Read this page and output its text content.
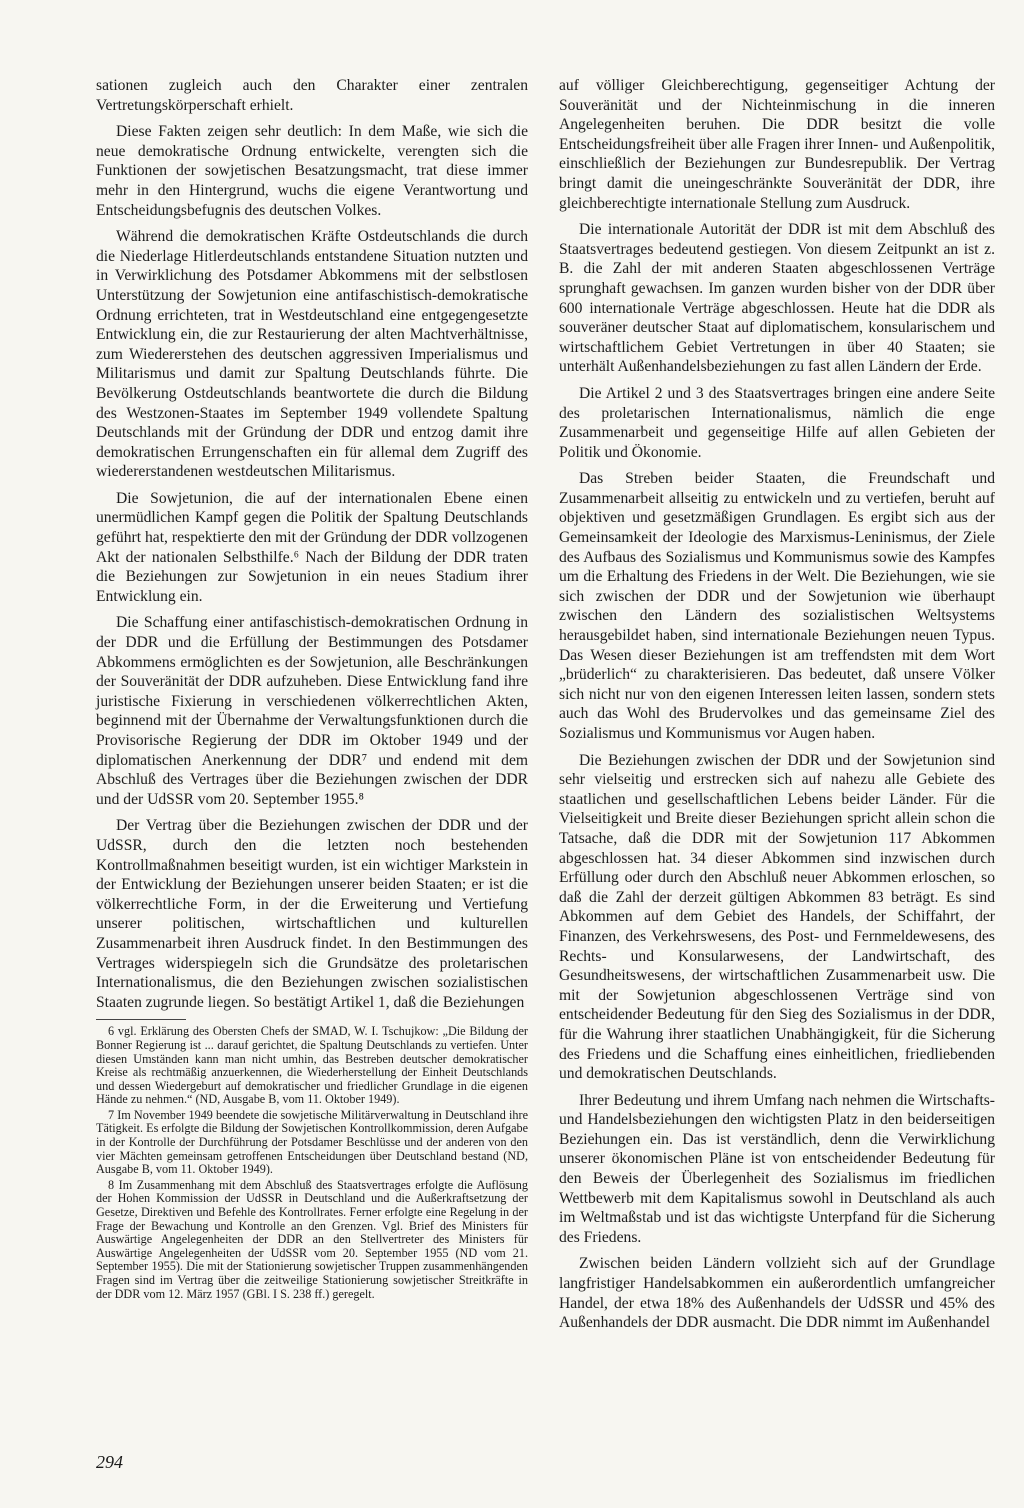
sationen zugleich auch den Charakter einer zentralen Vertretungskörperschaft erhielt.

Diese Fakten zeigen sehr deutlich: In dem Maße, wie sich die neue demokratische Ordnung entwickelte, verengten sich die Funktionen der sowjetischen Besatzungsmacht, trat diese immer mehr in den Hintergrund, wuchs die eigene Verantwortung und Entscheidungsbefugnis des deutschen Volkes.

Während die demokratischen Kräfte Ostdeutschlands die durch die Niederlage Hitlerdeutschlands entstandene Situation nutzten und in Verwirklichung des Potsdamer Abkommens mit der selbstlosen Unterstützung der Sowjetunion eine antifaschistisch-demokratische Ordnung errichteten, trat in Westdeutschland eine entgegengesetzte Entwicklung ein, die zur Restaurierung der alten Machtverhältnisse, zum Wiedererstehen des deutschen aggressiven Imperialismus und Militarismus und damit zur Spaltung Deutschlands führte. Die Bevölkerung Ostdeutschlands beantwortete die durch die Bildung des Westzonen-Staates im September 1949 vollendete Spaltung Deutschlands mit der Gründung der DDR und entzog damit ihre demokratischen Errungenschaften ein für allemal dem Zugriff des wiedererstandenen westdeutschen Militarismus.

Die Sowjetunion, die auf der internationalen Ebene einen unermüdlichen Kampf gegen die Politik der Spaltung Deutschlands geführt hat, respektierte den mit der Gründung der DDR vollzogenen Akt der nationalen Selbsthilfe.⁶ Nach der Bildung der DDR traten die Beziehungen zur Sowjetunion in ein neues Stadium ihrer Entwicklung ein.

Die Schaffung einer antifaschistisch-demokratischen Ordnung in der DDR und die Erfüllung der Bestimmungen des Potsdamer Abkommens ermöglichten es der Sowjetunion, alle Beschränkungen der Souveränität der DDR aufzuheben. Diese Entwicklung fand ihre juristische Fixierung in verschiedenen völkerrechtlichen Akten, beginnend mit der Übernahme der Verwaltungsfunktionen durch die Provisorische Regierung der DDR im Oktober 1949 und der diplomatischen Anerkennung der DDR⁷ und endend mit dem Abschluß des Vertrages über die Beziehungen zwischen der DDR und der UdSSR vom 20. September 1955.⁸

Der Vertrag über die Beziehungen zwischen der DDR und der UdSSR, durch den die letzten noch bestehenden Kontrollmaßnahmen beseitigt wurden, ist ein wichtiger Markstein in der Entwicklung der Beziehungen unserer beiden Staaten; er ist die völkerrechtliche Form, in der die Erweiterung und Vertiefung unserer politischen, wirtschaftlichen und kulturellen Zusammenarbeit ihren Ausdruck findet. In den Bestimmungen des Vertrages widerspiegeln sich die Grundsätze des proletarischen Internationalismus, die den Beziehungen zwischen sozialistischen Staaten zugrunde liegen. So bestätigt Artikel 1, daß die Beziehungen

6 vgl. Erklärung des Obersten Chefs der SMAD, W. I. Tschujkow: „Die Bildung der Bonner Regierung ist ... darauf gerichtet, die Spaltung Deutschlands zu vertiefen. Unter diesen Umständen kann man nicht umhin, das Bestreben deutscher demokratischer Kreise als rechtmäßig anzuerkennen, die Wiederherstellung der Einheit Deutschlands und dessen Wiedergeburt auf demokratischer und friedlicher Grundlage in die eigenen Hände zu nehmen.“ (ND, Ausgabe B, vom 11. Oktober 1949).

7 Im November 1949 beendete die sowjetische Militärverwaltung in Deutschland ihre Tätigkeit. Es erfolgte die Bildung der Sowjetischen Kontrollkommission, deren Aufgabe in der Kontrolle der Durchführung der Potsdamer Beschlüsse und der anderen von den vier Mächten gemeinsam getroffenen Entscheidungen über Deutschland bestand (ND, Ausgabe B, vom 11. Oktober 1949).

8 Im Zusammenhang mit dem Abschluß des Staatsvertrages erfolgte die Auflösung der Hohen Kommission der UdSSR in Deutschland und die Außerkraftsetzung der Gesetze, Direktiven und Befehle des Kontrollrates. Ferner erfolgte eine Regelung in der Frage der Bewachung und Kontrolle an den Grenzen. Vgl. Brief des Ministers für Auswärtige Angelegenheiten der DDR an den Stellvertreter des Ministers für Auswärtige Angelegenheiten der UdSSR vom 20. September 1955 (ND vom 21. September 1955). Die mit der Stationierung sowjetischer Truppen zusammenhängenden Fragen sind im Vertrag über die zeitweilige Stationierung sowjetischer Streitkräfte in der DDR vom 12. März 1957 (GBl. I S. 238 ff.) geregelt.

auf völliger Gleichberechtigung, gegenseitiger Achtung der Souveränität und der Nichteinmischung in die inneren Angelegenheiten beruhen. Die DDR besitzt die volle Entscheidungsfreiheit über alle Fragen ihrer Innen- und Außenpolitik, einschließlich der Beziehungen zur Bundesrepublik. Der Vertrag bringt damit die uneingeschränkte Souveränität der DDR, ihre gleichberechtigte internationale Stellung zum Ausdruck.

Die internationale Autorität der DDR ist mit dem Abschluß des Staatsvertrages bedeutend gestiegen. Von diesem Zeitpunkt an ist z. B. die Zahl der mit anderen Staaten abgeschlossenen Verträge sprunghaft gewachsen. Im ganzen wurden bisher von der DDR über 600 internationale Verträge abgeschlossen. Heute hat die DDR als souveräner deutscher Staat auf diplomatischem, konsularischem und wirtschaftlichem Gebiet Vertretungen in über 40 Staaten; sie unterhält Außenhandelsbeziehungen zu fast allen Ländern der Erde.

Die Artikel 2 und 3 des Staatsvertrages bringen eine andere Seite des proletarischen Internationalismus, nämlich die enge Zusammenarbeit und gegenseitige Hilfe auf allen Gebieten der Politik und Ökonomie.

Das Streben beider Staaten, die Freundschaft und Zusammenarbeit allseitig zu entwickeln und zu vertiefen, beruht auf objektiven und gesetzmäßigen Grundlagen. Es ergibt sich aus der Gemeinsamkeit der Ideologie des Marxismus-Leninismus, der Ziele des Aufbaus des Sozialismus und Kommunismus sowie des Kampfes um die Erhaltung des Friedens in der Welt. Die Beziehungen, wie sie sich zwischen der DDR und der Sowjetunion wie überhaupt zwischen den Ländern des sozialistischen Weltsystems herausgebildet haben, sind internationale Beziehungen neuen Typus. Das Wesen dieser Beziehungen ist am treffendsten mit dem Wort „brüderlich“ zu charakterisieren. Das bedeutet, daß unsere Völker sich nicht nur von den eigenen Interessen leiten lassen, sondern stets auch das Wohl des Brudervolkes und das gemeinsame Ziel des Sozialismus und Kommunismus vor Augen haben.

Die Beziehungen zwischen der DDR und der Sowjetunion sind sehr vielseitig und erstrecken sich auf nahezu alle Gebiete des staatlichen und gesellschaftlichen Lebens beider Länder. Für die Vielseitigkeit und Breite dieser Beziehungen spricht allein schon die Tatsache, daß die DDR mit der Sowjetunion 117 Abkommen abgeschlossen hat. 34 dieser Abkommen sind inzwischen durch Erfüllung oder durch den Abschluß neuer Abkommen erloschen, so daß die Zahl der derzeit gültigen Abkommen 83 beträgt. Es sind Abkommen auf dem Gebiet des Handels, der Schiffahrt, der Finanzen, des Verkehrswesens, des Post- und Fernmeldewesens, des Rechts- und Konsularwesens, der Landwirtschaft, des Gesundheitswesens, der wirtschaftlichen Zusammenarbeit usw. Die mit der Sowjetunion abgeschlossenen Verträge sind von entscheidender Bedeutung für den Sieg des Sozialismus in der DDR, für die Wahrung ihrer staatlichen Unabhängigkeit, für die Sicherung des Friedens und die Schaffung eines einheitlichen, friedliebenden und demokratischen Deutschlands.

Ihrer Bedeutung und ihrem Umfang nach nehmen die Wirtschafts- und Handelsbeziehungen den wichtigsten Platz in den beiderseitigen Beziehungen ein. Das ist verständlich, denn die Verwirklichung unserer ökonomischen Pläne ist von entscheidender Bedeutung für den Beweis der Überlegenheit des Sozialismus im friedlichen Wettbewerb mit dem Kapitalismus sowohl in Deutschland als auch im Weltmaßstab und ist das wichtigste Unterpfand für die Sicherung des Friedens.

Zwischen beiden Ländern vollzieht sich auf der Grundlage langfristiger Handelsabkommen ein außerordentlich umfangreicher Handel, der etwa 18% des Außenhandels der UdSSR und 45% des Außenhandels der DDR ausmacht. Die DDR nimmt im Außenhandel

294
